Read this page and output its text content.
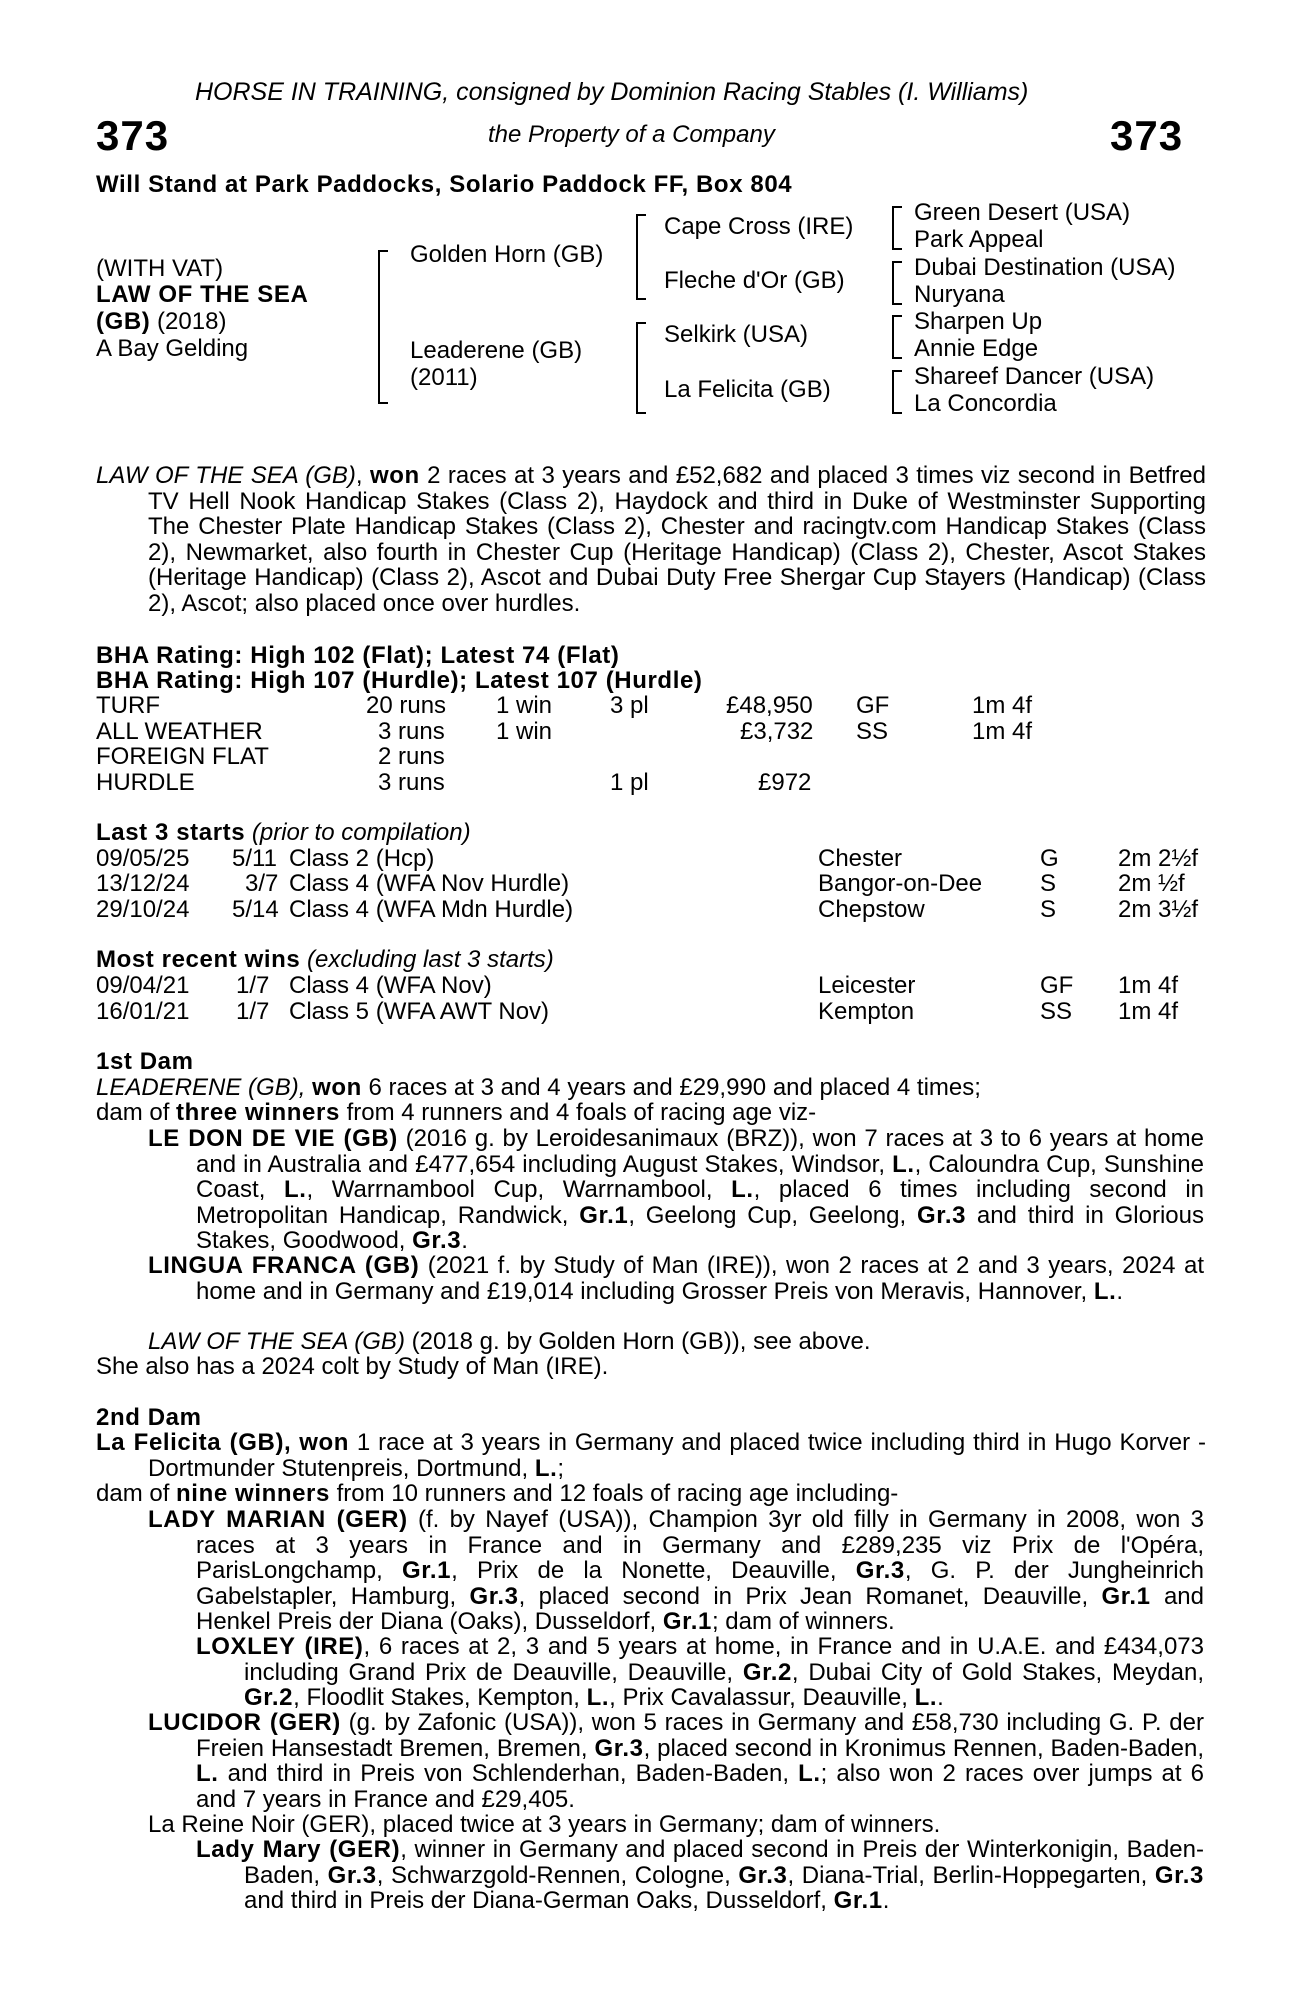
HORSE IN TRAINING, consigned by Dominion Racing Stables (I. Williams)
373	the Property of a Company	373
Will Stand at Park Paddocks, Solario Paddock FF, Box 804
(WITH VAT)
LAW OF THE SEA
(GB) (2018)
A Bay Gelding
Golden Horn (GB)
Leaderene (GB)
(2011)
Cape Cross (IRE)
Fleche d'Or (GB)
Selkirk (USA)
La Felicita (GB)
Green Desert (USA)
Park Appeal
Dubai Destination (USA)
Nuryana
Sharpen Up
Annie Edge
Shareef Dancer (USA)
La Concordia
LAW OF THE SEA (GB), won 2 races at 3 years and £52,682 and placed 3 times viz second in Betfred TV Hell Nook Handicap Stakes (Class 2), Haydock and third in Duke of Westminster Supporting The Chester Plate Handicap Stakes (Class 2), Chester and racingtv.com Handicap Stakes (Class 2), Newmarket, also fourth in Chester Cup (Heritage Handicap) (Class 2), Chester, Ascot Stakes (Heritage Handicap) (Class 2), Ascot and Dubai Duty Free Shergar Cup Stayers (Handicap) (Class 2), Ascot; also placed once over hurdles.
BHA Rating: High 102 (Flat); Latest 74 (Flat)
BHA Rating: High 107 (Hurdle); Latest 107 (Hurdle)
TURF	20 runs 1 win 3 pl	£48,950 GF	1m 4f
ALL WEATHER	3 runs 1 win	£3,732 SS	1m 4f
FOREIGN FLAT	2 runs
HURDLE	3 runs	1 pl	£972
Last 3 starts (prior to compilation)
09/05/25 5/11 Class 2 (Hcp)	Chester	G 2m 2½f
13/12/24 3/7 Class 4 (WFA Nov Hurdle)	Bangor-on-Dee S	2m ½f
29/10/24 5/14 Class 4 (WFA Mdn Hurdle)	Chepstow	S	2m 3½f
Most recent wins (excluding last 3 starts)
09/04/21 1/7 Class 4 (WFA Nov)	Leicester	GF 1m 4f
16/01/21 1/7 Class 5 (WFA AWT Nov)	Kempton	SS 1m 4f
1st Dam
LEADERENE (GB), won 6 races at 3 and 4 years and £29,990 and placed 4 times;
dam of three winners from 4 runners and 4 foals of racing age viz-
LE DON DE VIE (GB) (2016 g. by Leroidesanimaux (BRZ)), won 7 races at 3 to 6 years at home and in Australia and £477,654 including August Stakes, Windsor, L., Caloundra Cup, Sunshine Coast, L., Warrnambool Cup, Warrnambool, L., placed 6 times including second in Metropolitan Handicap, Randwick, Gr.1, Geelong Cup, Geelong, Gr.3 and third in Glorious Stakes, Goodwood, Gr.3.
LINGUA FRANCA (GB) (2021 f. by Study of Man (IRE)), won 2 races at 2 and 3 years, 2024 at home and in Germany and £19,014 including Grosser Preis von Meravis, Hannover, L..
LAW OF THE SEA (GB) (2018 g. by Golden Horn (GB)), see above.
She also has a 2024 colt by Study of Man (IRE).
2nd Dam
La Felicita (GB), won 1 race at 3 years in Germany and placed twice including third in Hugo Korver - Dortmunder Stutenpreis, Dortmund, L.;
dam of nine winners from 10 runners and 12 foals of racing age including-
LADY MARIAN (GER) (f. by Nayef (USA)), Champion 3yr old filly in Germany in 2008, won 3 races at 3 years in France and in Germany and £289,235 viz Prix de l'Opéra, ParisLongchamp, Gr.1, Prix de la Nonette, Deauville, Gr.3, G. P. der Jungheinrich Gabelstapler, Hamburg, Gr.3, placed second in Prix Jean Romanet, Deauville, Gr.1 and Henkel Preis der Diana (Oaks), Dusseldorf, Gr.1; dam of winners.
LOXLEY (IRE), 6 races at 2, 3 and 5 years at home, in France and in U.A.E. and £434,073 including Grand Prix de Deauville, Deauville, Gr.2, Dubai City of Gold Stakes, Meydan, Gr.2, Floodlit Stakes, Kempton, L., Prix Cavalassur, Deauville, L..
LUCIDOR (GER) (g. by Zafonic (USA)), won 5 races in Germany and £58,730 including G. P. der Freien Hansestadt Bremen, Bremen, Gr.3, placed second in Kronimus Rennen, Baden-Baden, L. and third in Preis von Schlenderhan, Baden-Baden, L.; also won 2 races over jumps at 6 and 7 years in France and £29,405.
La Reine Noir (GER), placed twice at 3 years in Germany; dam of winners.
Lady Mary (GER), winner in Germany and placed second in Preis der Winterkonigin, Baden-Baden, Gr.3, Schwarzgold-Rennen, Cologne, Gr.3, Diana-Trial, Berlin-Hoppegarten, Gr.3 and third in Preis der Diana-German Oaks, Dusseldorf, Gr.1.
